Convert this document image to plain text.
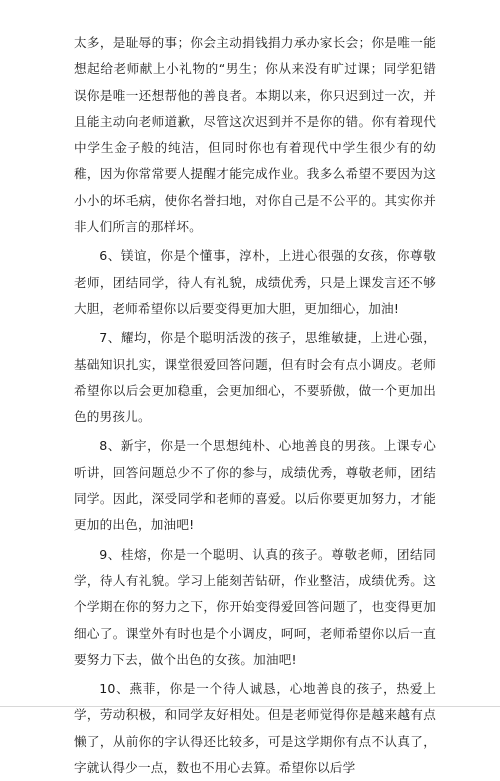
太多，是耻辱的事；你会主动捐钱捐力承办家长会；你是唯一能想起给老师献上小礼物的“男生；你从来没有旷过课；同学犯错误你是唯一还想帮他的善良者。本期以来，你只迟到过一次，并且能主动向老师道歉，尽管这次迟到并不是你的错。你有着现代中学生金子般的纯洁，但同时你也有着现代中学生很少有的幼稚，因为你常常要人提醒才能完成作业。我多么希望不要因为这小小的坏毛病，使你名誉扫地，对你自己是不公平的。其实你并非人们所言的那样坏。

6、镁谊，你是个懂事，淳朴，上进心很强的女孩，你尊敬老师，团结同学，待人有礼貌，成绩优秀，只是上课发言还不够大胆，老师希望你以后要变得更加大胆，更加细心，加油!

7、耀均，你是个聪明活泼的孩子，思维敏捷，上进心强，基础知识扎实，课堂很爱回答问题，但有时会有点小调皮。老师希望你以后会更加稳重，会更加细心，不要骄傲，做一个更加出色的男孩儿。

8、新宇，你是一个思想纯朴、心地善良的男孩。上课专心听讲，回答问题总少不了你的参与，成绩优秀，尊敬老师，团结同学。因此，深受同学和老师的喜爱。以后你要更加努力，才能更加的出色，加油吧!

9、桂熔，你是一个聪明、认真的孩子。尊敬老师，团结同学，待人有礼貌。学习上能刻苦钻研，作业整洁，成绩优秀。这个学期在你的努力之下，你开始变得爱回答问题了，也变得更加细心了。课堂外有时也是个小调皮，呵呵，老师希望你以后一直要努力下去，做个出色的女孩。加油吧!

10、燕菲，你是一个待人诚恳，心地善良的孩子，热爱上学，劳动积极，和同学友好相处。但是老师觉得你是越来越有点懒了，从前你的字认得还比较多，可是这学期你有点不认真了，字就认得少一点，数也不用心去算。希望你以后学
